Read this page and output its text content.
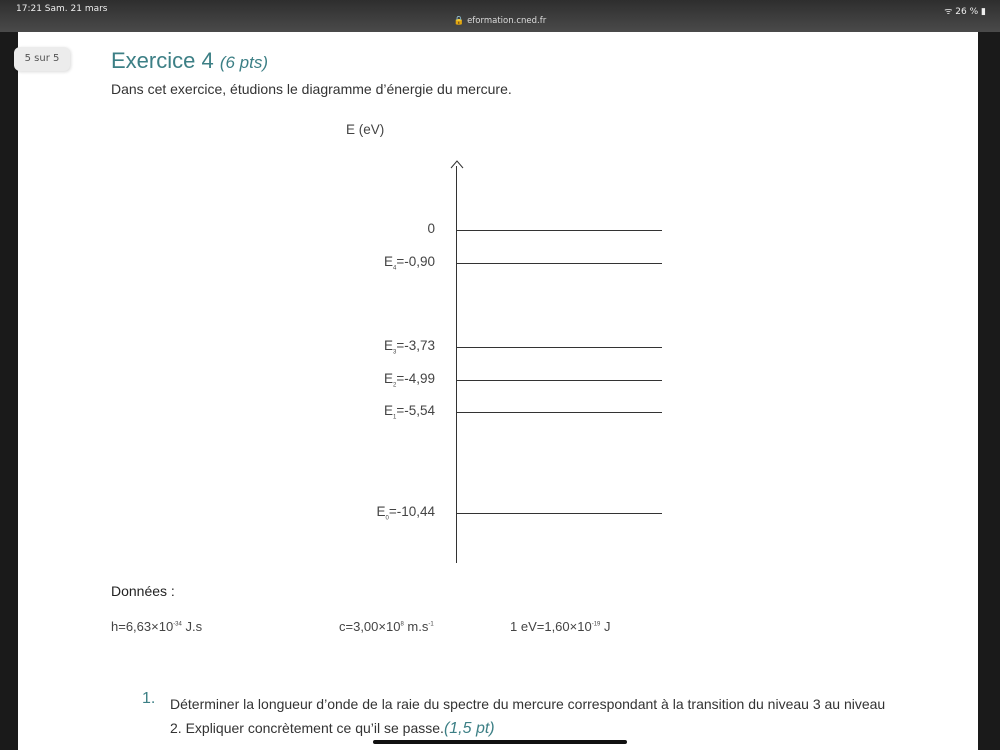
17:21 Sam. 21 mars
🔒 eformation.cned.fr
ᯤ 26 % ▮
5 sur 5	Exercice 4 (6 pts)
Dans cet exercice, étudions le diagramme d’énergie du mercure.
E (eV)
0
$E_4=-0,90$
$E_3=-3,73$
$E_2=-4,99$
$E_1=-5,54$
$E_0=-10,44$
Données :
$h=6,63\times 10^{-34}$ J.s	$c=3,00\times 10^8$ $m.s^{-1}$	1 $eV=1,60\times 10^{-19}$ J
1. Déterminer la longueur d’onde de la raie du spectre du mercure correspondant à la transition du niveau 3 au niveau 2. Expliquer concrètement ce qu’il se passe.(1,5 pt)
